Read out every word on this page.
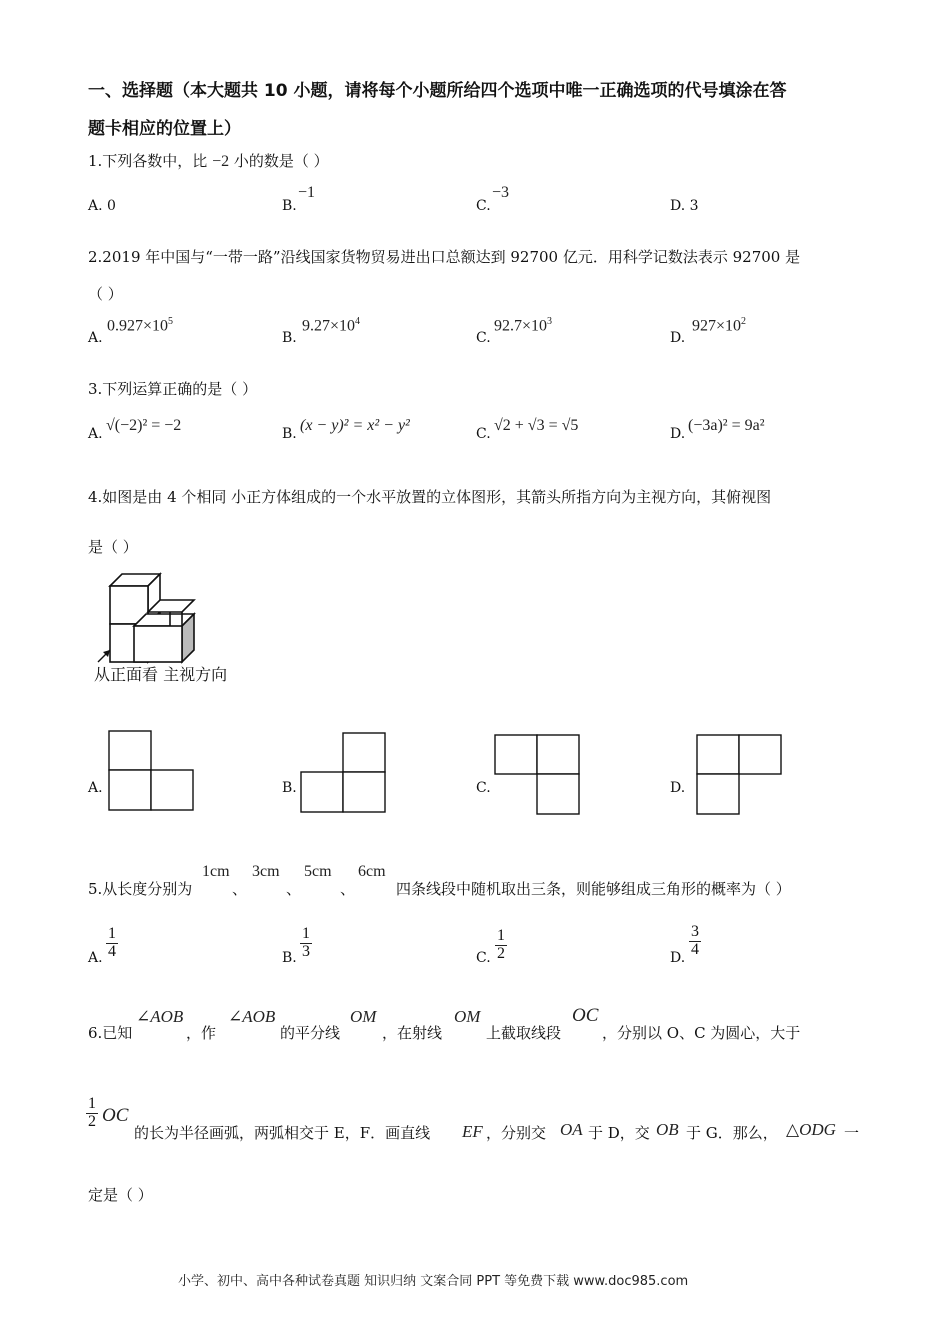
一、选择题（本大题共 10 小题，请将每个小题所给四个选项中唯一正确选项的代号填涂在答
题卡相应的位置上）
1.下列各数中，比 −2 小的数是（ ）
A. 0	B.
−1
C.
−3
D. 3
2.2019 年中国与“一带一路”沿线国家货物贸易进出口总额达到 92700 亿元．用科学记数法表示 92700 是
（ ）
A.
$0.927\times 10^5$
B.
$9.27\times 10^4$
C.
$92.7\times 10^3$
D.
$927\times 10^2$
3.下列运算正确的是（ ）
A. √(−2)² = −2	B. (x − y)² = x² − y²	C. √2 + √3 = √5	D. (−3a)² = 9a²
4.如图是由 4 个相同 小正方体组成的一个水平放置的立体图形，其箭头所指方向为主视方向，其俯视图
是（ ）
从正面看 主视方向
A.	B.	C.	D.
5.从长度分别为
1cm
、
3cm
、
5cm
、
6cm
四条线段中随机取出三条，则能够组成三角形的概率为（ ）
A. $\frac{1}{4}$	B. $\frac{1}{3}$	C. $\frac{1}{2}$	D. $\frac{3}{4}$
6.已知
∠AOB
，作
∠AOB
的平分线
OM
，在射线
OM
上截取线段
OC
，分别以 O、C 为圆心，大于
$\frac{1}{2}$ OC
的长为半径画弧，两弧相交于 E，F．画直线 EF ，分别交 OA 于 D，交 OB 于 G．那么， △ODG 一
定是（ ）
小学、初中、高中各种试卷真题 知识归纳 文案合同 PPT 等免费下载 www.doc985.com
